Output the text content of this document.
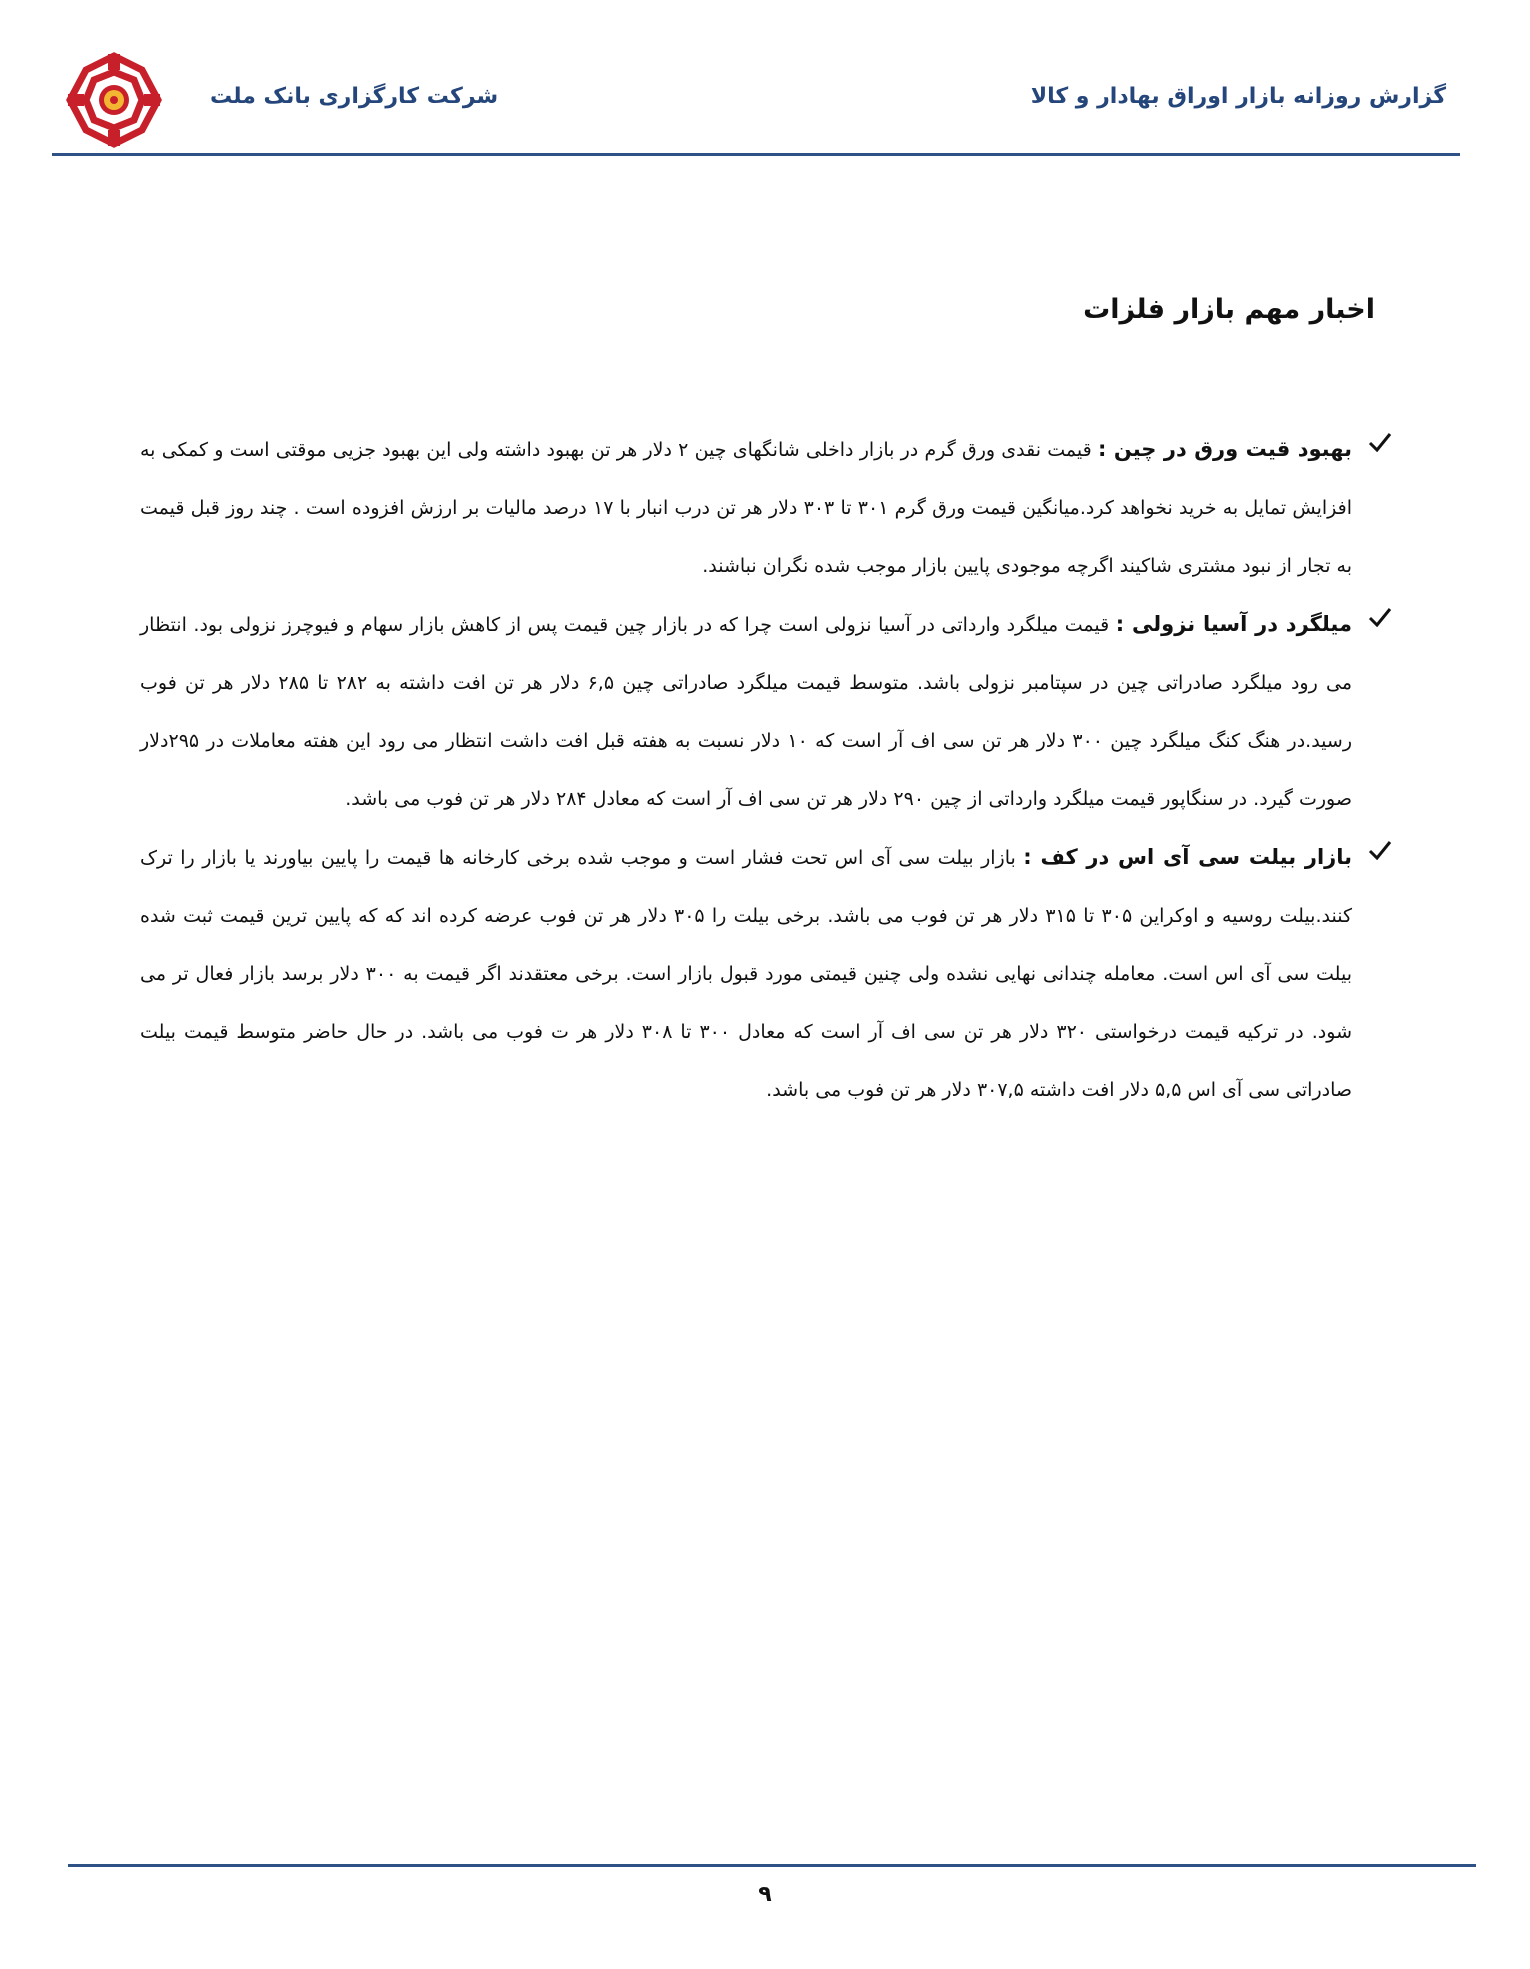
شرکت کارگزاری بانک ملت	گزارش روزانه بازار اوراق بهادار و کالا
اخبار مهم بازار فلزات

بهبود قیت ورق در چین : قیمت نقدی ورق گرم در بازار داخلی شانگهای چین ۲ دلار هر تن بهبود داشته ولی این بهبود جزیی موقتی است و کمکی به افزایش تمایل به خرید نخواهد کرد.میانگین قیمت ورق گرم ۳۰۱ تا ۳۰۳ دلار هر تن درب انبار با ۱۷ درصد مالیات بر ارزش افزوده است . چند روز قبل قیمت به تجار از نبود مشتری شاکیند اگرچه موجودی پایین بازار موجب شده نگران نباشند.

میلگرد در آسیا نزولی : قیمت میلگرد وارداتی در آسیا نزولی است چرا که در بازار چین قیمت پس از کاهش بازار سهام و فیوچرز نزولی بود. انتظار می رود میلگرد صادراتی چین در سپتامبر نزولی باشد. متوسط قیمت میلگرد صادراتی چین ۶,۵ دلار هر تن افت داشته به ۲۸۲ تا ۲۸۵ دلار هر تن فوب رسید.در هنگ کنگ میلگرد چین ۳۰۰ دلار هر تن سی اف آر است که ۱۰ دلار نسبت به هفته قبل افت داشت انتظار می رود این هفته معاملات در ۲۹۵دلار صورت گیرد. در سنگاپور قیمت میلگرد وارداتی از چین ۲۹۰ دلار هر تن سی اف آر است که معادل ۲۸۴ دلار هر تن فوب می باشد.

بازار بیلت سی آی اس در کف : بازار بیلت سی آی اس تحت فشار است و موجب شده برخی کارخانه ها قیمت را پایین بیاورند یا بازار را ترک کنند.بیلت روسیه و اوکراین ۳۰۵ تا ۳۱۵ دلار هر تن فوب می باشد. برخی بیلت را ۳۰۵ دلار هر تن فوب عرضه کرده اند که که پایین ترین قیمت ثبت شده بیلت سی آی اس است. معامله چندانی نهایی نشده ولی چنین قیمتی مورد قبول بازار است. برخی معتقدند اگر قیمت به ۳۰۰ دلار برسد بازار فعال تر می شود. در ترکیه قیمت درخواستی ۳۲۰ دلار هر تن سی اف آر است که معادل ۳۰۰ تا ۳۰۸ دلار هر ت فوب می باشد. در حال حاضر متوسط قیمت بیلت صادراتی سی آی اس ۵,۵ دلار افت داشته ۳۰۷,۵ دلار هر تن فوب می باشد.

۹
